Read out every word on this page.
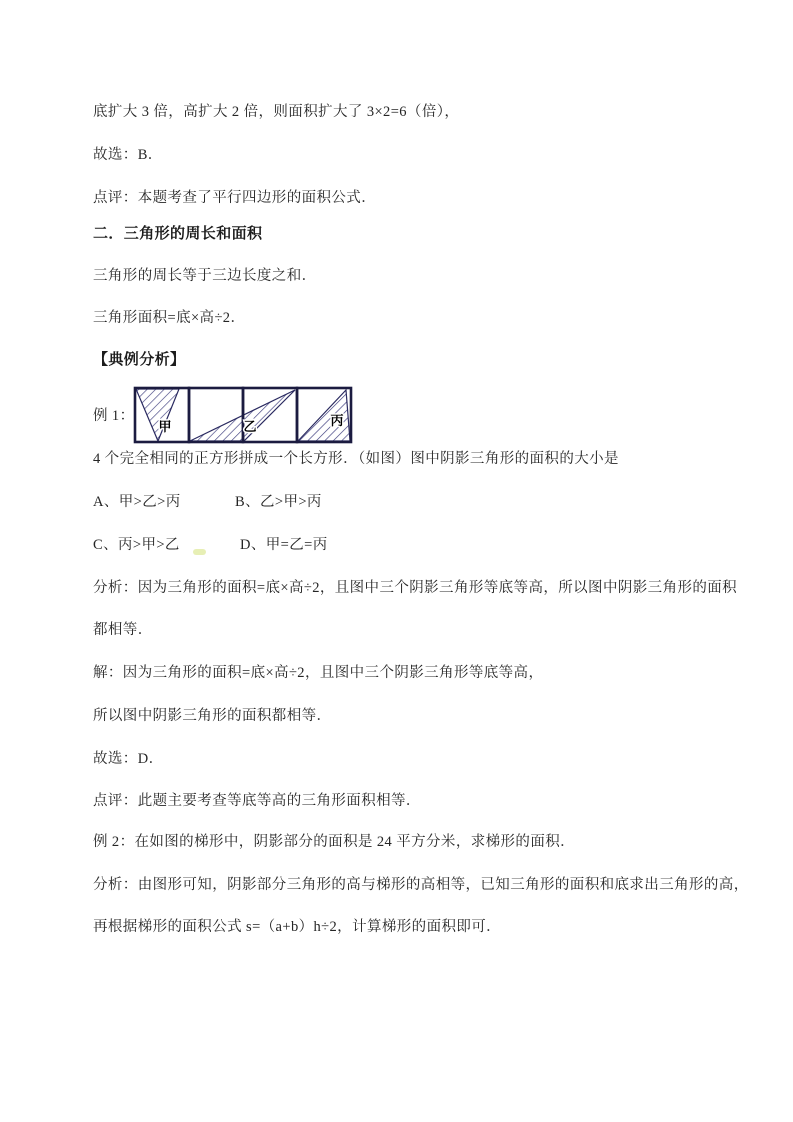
底扩大 3 倍，高扩大 2 倍，则面积扩大了 3×2=6（倍），
故选：B．
点评：本题考查了平行四边形的面积公式．
二．三角形的周长和面积
三角形的周长等于三边长度之和．
三角形面积=底×高÷2．
【典例分析】
例 1：
甲	乙	丙
4 个完全相同的正方形拼成一个长方形．（如图）图中阴影三角形的面积的大小是
A、甲>乙>丙	B、乙>甲>丙
C、丙>甲>乙	D、甲=乙=丙
分析：因为三角形的面积=底×高÷2，且图中三个阴影三角形等底等高，所以图中阴影三角形的面积
都相等．
解：因为三角形的面积=底×高÷2，且图中三个阴影三角形等底等高，
所以图中阴影三角形的面积都相等．
故选：D．
点评：此题主要考查等底等高的三角形面积相等．
例 2：在如图的梯形中，阴影部分的面积是 24 平方分米，求梯形的面积．
分析：由图形可知，阴影部分三角形的高与梯形的高相等，已知三角形的面积和底求出三角形的高，
再根据梯形的面积公式 s=（a+b）h÷2，计算梯形的面积即可．
